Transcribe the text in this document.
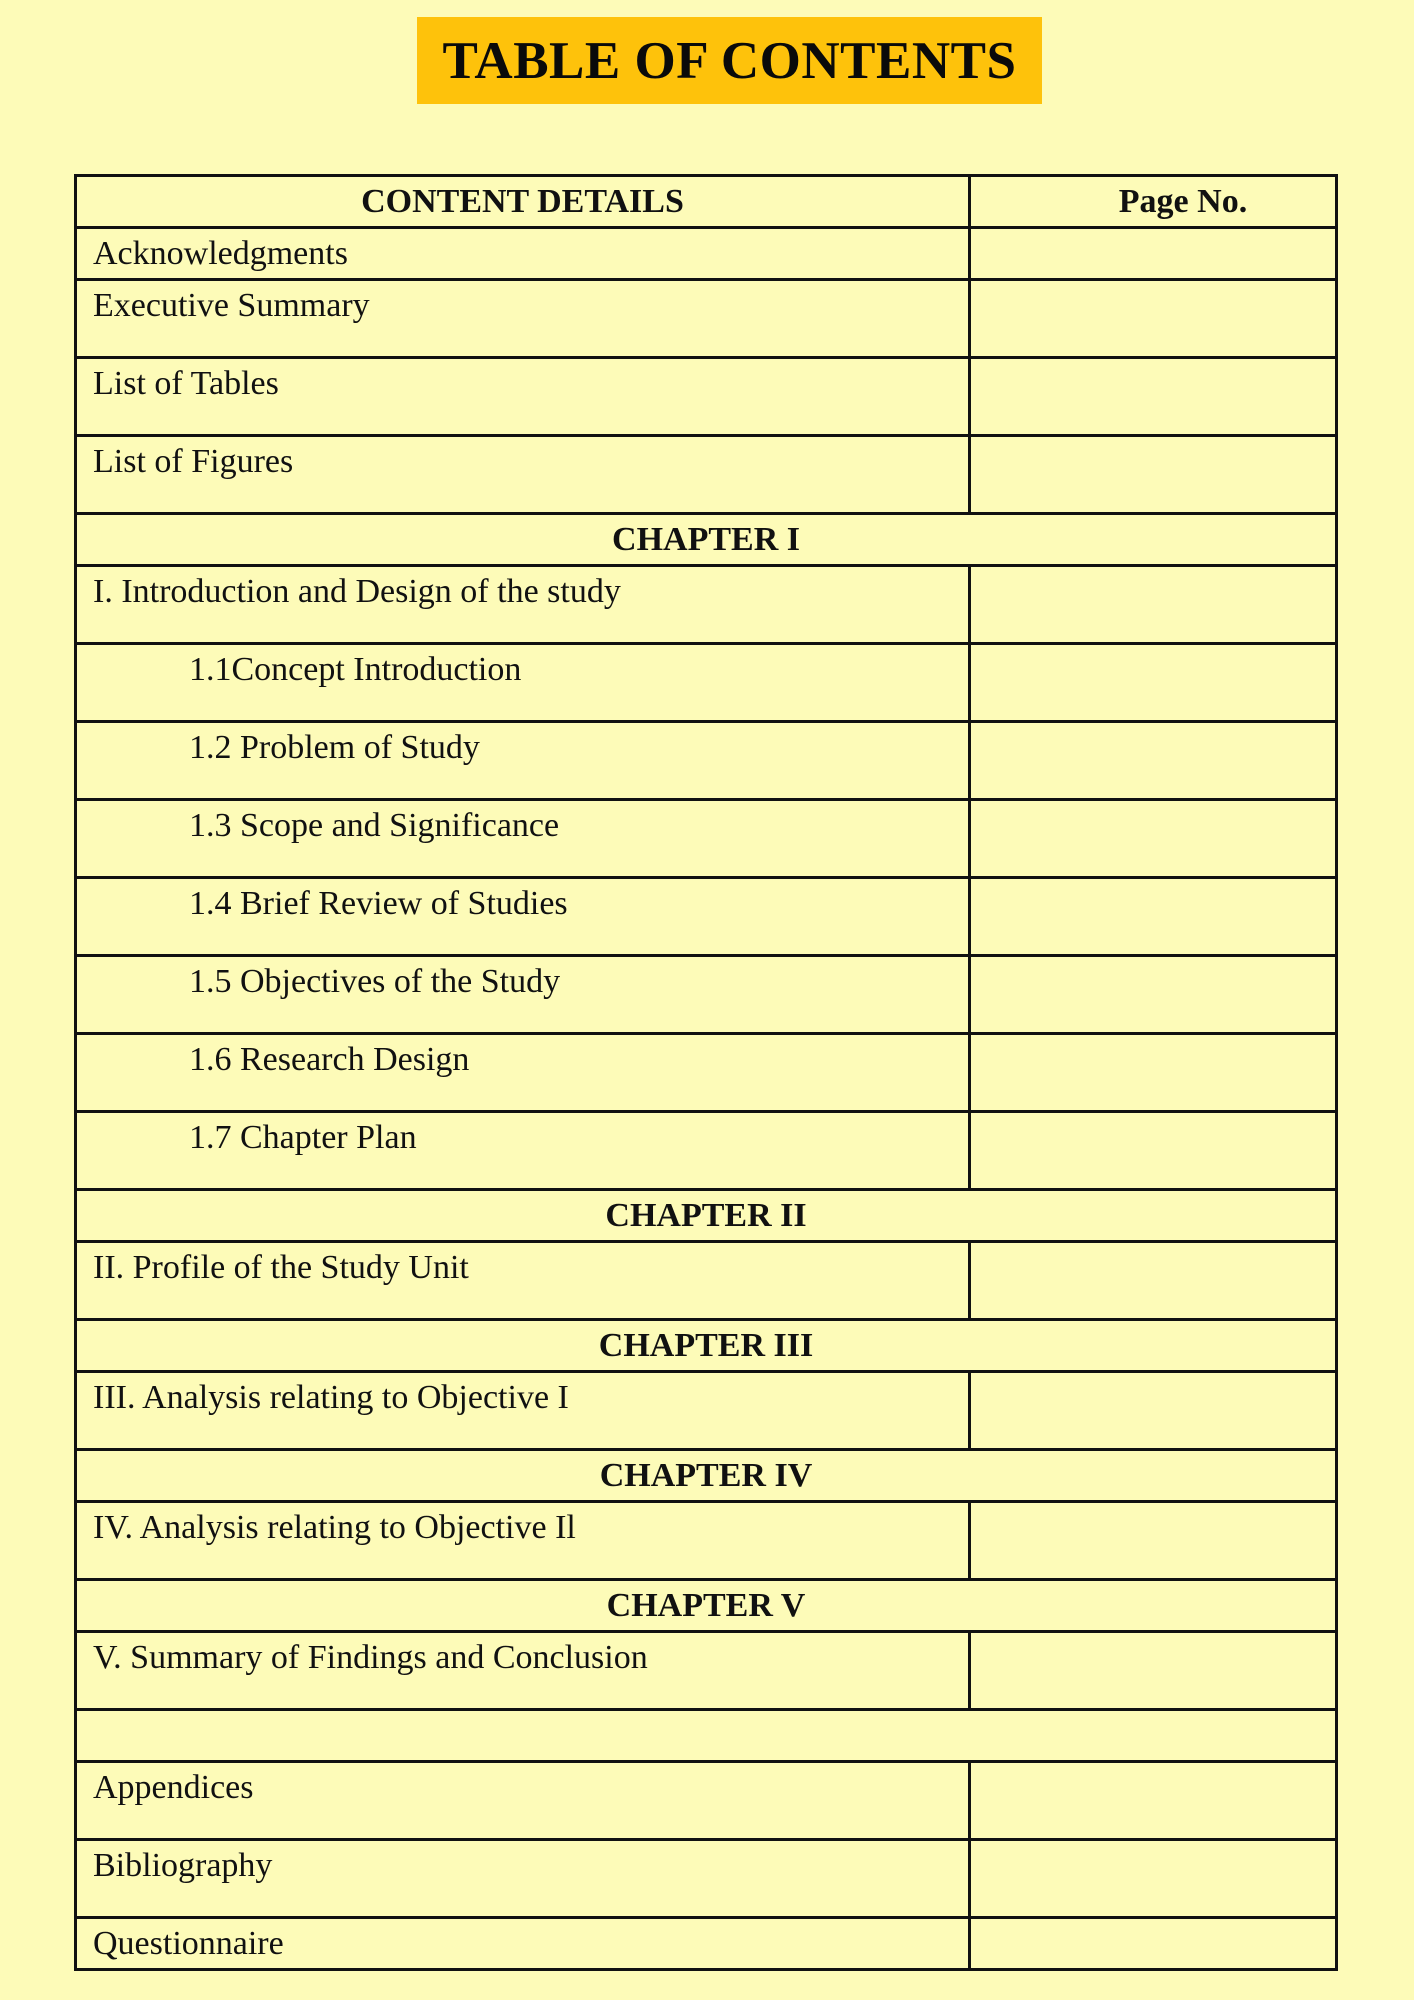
TABLE OF CONTENTS
CONTENT DETAILS	Page No.
Acknowledgments	
Executive Summary	
List of Tables	
List of Figures	
CHAPTER I	
I. Introduction and Design of the study	
1.1Concept Introduction	
1.2 Problem of Study	
1.3 Scope and Significance	
1.4 Brief Review of Studies	
1.5 Objectives of the Study	
1.6 Research Design	
1.7 Chapter Plan	
CHAPTER II	
II. Profile of the Study Unit	
CHAPTER III	
III. Analysis relating to Objective I	
CHAPTER IV	
IV. Analysis relating to Objective Il	
CHAPTER V	
V. Summary of Findings and Conclusion	

Appendices	
Bibliography	
Questionnaire	
